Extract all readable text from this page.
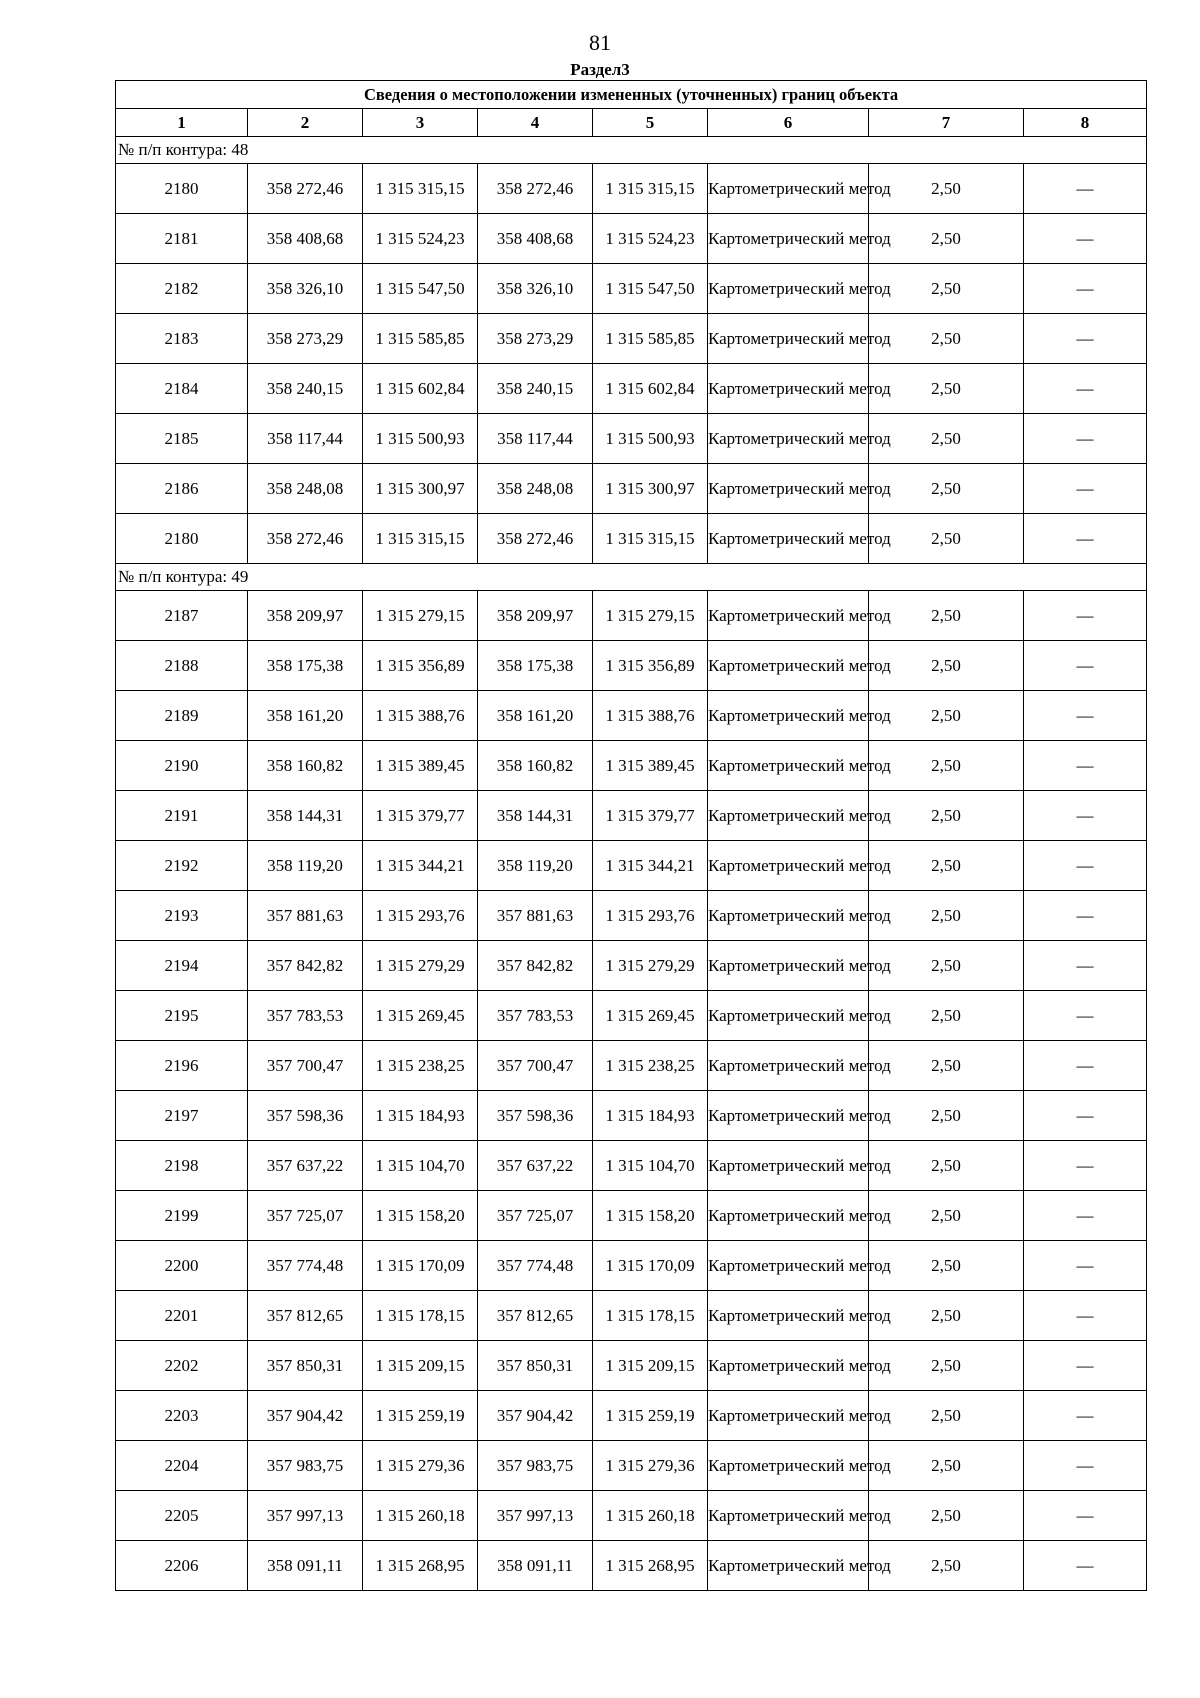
81
Раздел3
Сведения о местоположении измененных (уточненных) границ объекта							
1	2	3	4	5	6	7	8
№ п/п контура: 48							
2180	358 272,46	1 315 315,15	358 272,46	1 315 315,15	Картометрический метод	2,50	—
2181	358 408,68	1 315 524,23	358 408,68	1 315 524,23	Картометрический метод	2,50	—
2182	358 326,10	1 315 547,50	358 326,10	1 315 547,50	Картометрический метод	2,50	—
2183	358 273,29	1 315 585,85	358 273,29	1 315 585,85	Картометрический метод	2,50	—
2184	358 240,15	1 315 602,84	358 240,15	1 315 602,84	Картометрический метод	2,50	—
2185	358 117,44	1 315 500,93	358 117,44	1 315 500,93	Картометрический метод	2,50	—
2186	358 248,08	1 315 300,97	358 248,08	1 315 300,97	Картометрический метод	2,50	—
2180	358 272,46	1 315 315,15	358 272,46	1 315 315,15	Картометрический метод	2,50	—
№ п/п контура: 49							
2187	358 209,97	1 315 279,15	358 209,97	1 315 279,15	Картометрический метод	2,50	—
2188	358 175,38	1 315 356,89	358 175,38	1 315 356,89	Картометрический метод	2,50	—
2189	358 161,20	1 315 388,76	358 161,20	1 315 388,76	Картометрический метод	2,50	—
2190	358 160,82	1 315 389,45	358 160,82	1 315 389,45	Картометрический метод	2,50	—
2191	358 144,31	1 315 379,77	358 144,31	1 315 379,77	Картометрический метод	2,50	—
2192	358 119,20	1 315 344,21	358 119,20	1 315 344,21	Картометрический метод	2,50	—
2193	357 881,63	1 315 293,76	357 881,63	1 315 293,76	Картометрический метод	2,50	—
2194	357 842,82	1 315 279,29	357 842,82	1 315 279,29	Картометрический метод	2,50	—
2195	357 783,53	1 315 269,45	357 783,53	1 315 269,45	Картометрический метод	2,50	—
2196	357 700,47	1 315 238,25	357 700,47	1 315 238,25	Картометрический метод	2,50	—
2197	357 598,36	1 315 184,93	357 598,36	1 315 184,93	Картометрический метод	2,50	—
2198	357 637,22	1 315 104,70	357 637,22	1 315 104,70	Картометрический метод	2,50	—
2199	357 725,07	1 315 158,20	357 725,07	1 315 158,20	Картометрический метод	2,50	—
2200	357 774,48	1 315 170,09	357 774,48	1 315 170,09	Картометрический метод	2,50	—
2201	357 812,65	1 315 178,15	357 812,65	1 315 178,15	Картометрический метод	2,50	—
2202	357 850,31	1 315 209,15	357 850,31	1 315 209,15	Картометрический метод	2,50	—
2203	357 904,42	1 315 259,19	357 904,42	1 315 259,19	Картометрический метод	2,50	—
2204	357 983,75	1 315 279,36	357 983,75	1 315 279,36	Картометрический метод	2,50	—
2205	357 997,13	1 315 260,18	357 997,13	1 315 260,18	Картометрический метод	2,50	—
2206	358 091,11	1 315 268,95	358 091,11	1 315 268,95	Картометрический метод	2,50	—
